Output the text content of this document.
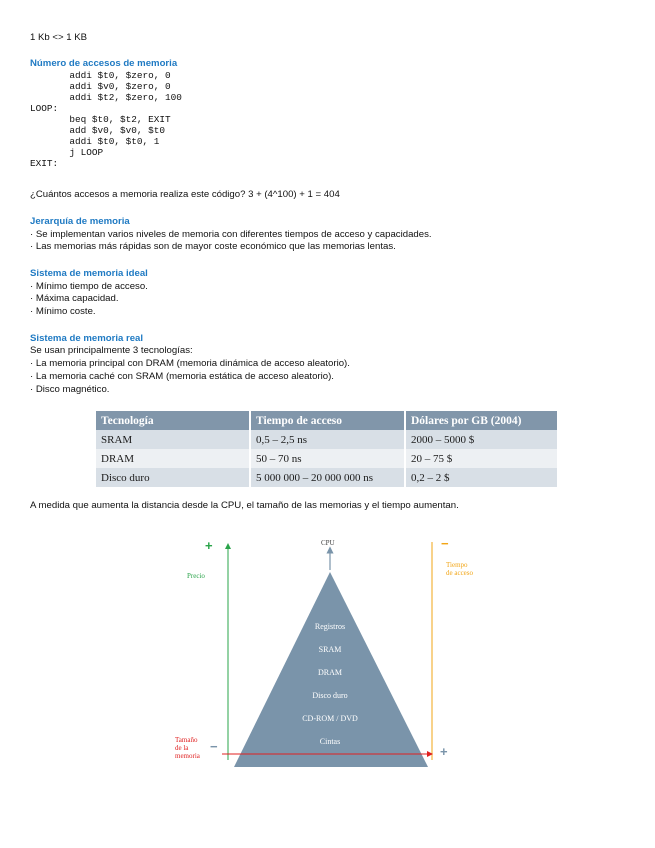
1 Kb <> 1 KB
Número de accesos de memoria
addi $t0, $zero, 0
addi $v0, $zero, 0
addi $t2, $zero, 100
LOOP:
beq $t0, $t2, EXIT
add $v0, $v0, $t0
addi $t0, $t0, 1
j LOOP
EXIT:
¿Cuántos accesos a memoria realiza este código? 3 + (4^100) + 1 = 404
Jerarquía de memoria
· Se implementan varios niveles de memoria con diferentes tiempos de acceso y capacidades.
· Las memorias más rápidas son de mayor coste económico que las memorias lentas.
Sistema de memoria ideal
· Mínimo tiempo de acceso.
· Máxima capacidad.
· Mínimo coste.
Sistema de memoria real
Se usan principalmente 3 tecnologías:
· La memoria principal con DRAM (memoria dinámica de acceso aleatorio).
· La memoria caché con SRAM (memoria estática de acceso aleatorio).
· Disco magnético.
Tecnología	Tiempo de acceso	Dólares por GB (2004)
SRAM	0,5 – 2,5 ns	2000 – 5000 $
DRAM	50 – 70 ns	20 – 75 $
Disco duro	5 000 000 – 20 000 000 ns	0,2 – 2 $
A medida que aumenta la distancia desde la CPU, el tamaño de las memorias y el tiempo aumentan.
CPU
Registros
SRAM
DRAM
Disco duro
CD-ROM / DVD
Cintas
+
Precio
−
Tiempo
de acceso
Tamaño
de la
memoria
−	+
